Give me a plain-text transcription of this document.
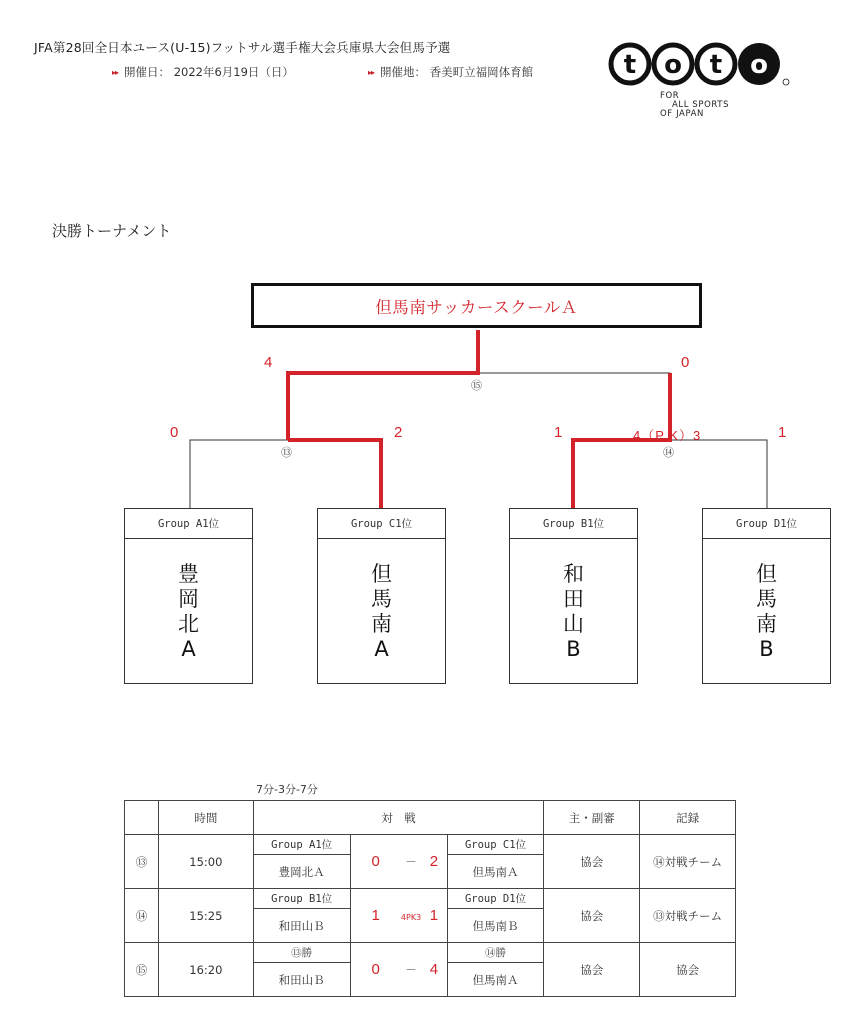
JFA第28回全日本ユース(U-15)フットサル選手権大会兵庫県大会但馬予選
▸▸ 開催日： 2022年6月19日（日）	▸▸ 開催地： 香美町立福岡体育館	t o t o
FOR
ALL SPORTS
OF JAPAN
決勝トーナメント
但馬南サッカースクールＡ
4	0
⑮
0	2
⑬
1	4（P K）3	1
⑭
Group A1位
豊
岡
北
A
Group C1位
但
馬
南
A
Group B1位
和
田
山
B
Group D1位
但
馬
南
B
7分-3分-7分
	時間	対　戦					主・副審	記録
⑬	15:00	Group A1位	0	－	2	Group C1位	協会	⑭対戦チーム
		豊岡北Ａ				但馬南Ａ		
⑭	15:25	Group B1位	1	4PK3	1	Group D1位	協会	⑬対戦チーム
		和田山Ｂ				但馬南Ｂ		
⑮	16:20	⑬勝	0	－	4	⑭勝	協会	協会
		和田山Ｂ				但馬南Ａ		
